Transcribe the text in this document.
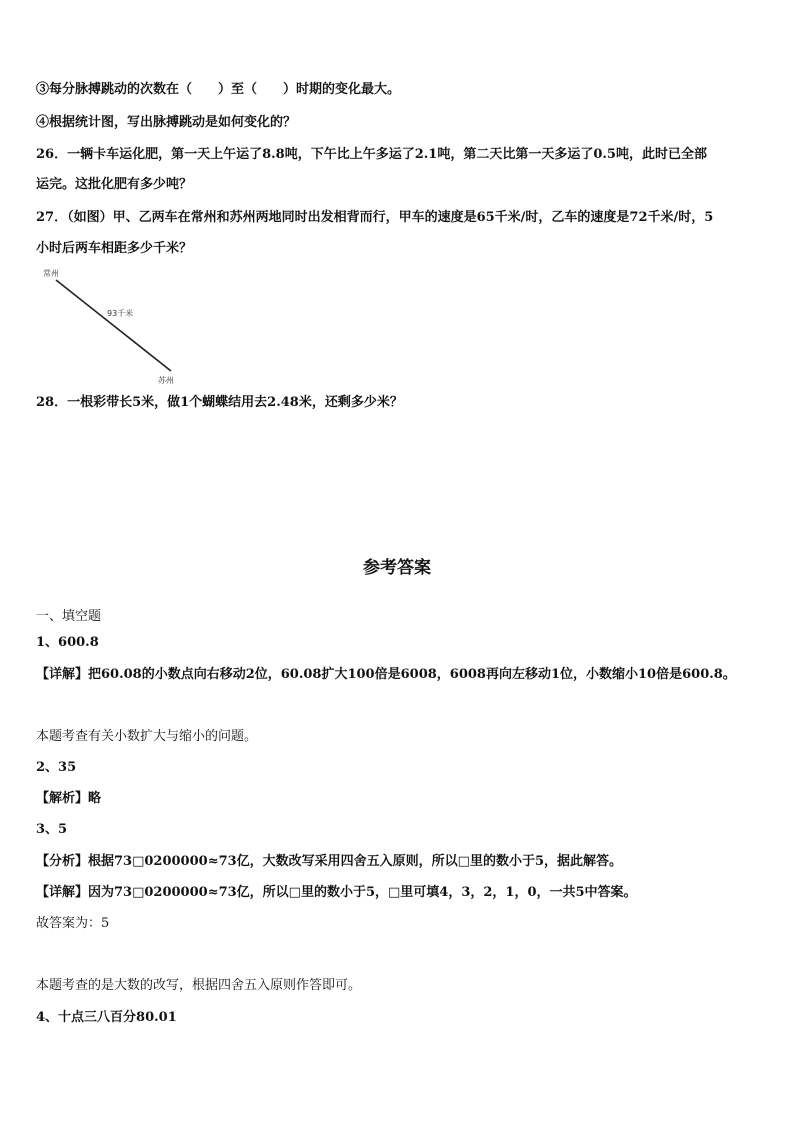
③每分脉搏跳动的次数在（　　）至（　　）时期的变化最大。
④根据统计图，写出脉搏跳动是如何变化的？
26．一辆卡车运化肥，第一天上午运了8.8吨，下午比上午多运了2.1吨，第二天比第一天多运了0.5吨，此时已全部
运完。这批化肥有多少吨？
27．（如图）甲、乙两车在常州和苏州两地同时出发相背而行，甲车的速度是65千米/时，乙车的速度是72千米/时，5
小时后两车相距多少千米？
常州
93千米
苏州
28．一根彩带长5米，做1个蝴蝶结用去2.48米，还剩多少米？
参考答案
一、填空题
1、600.8
【详解】把60.08的小数点向右移动2位，60.08扩大100倍是6008，6008再向左移动1位，小数缩小10倍是600.8。
本题考查有关小数扩大与缩小的问题。
2、35
【解析】略
3、5
【分析】根据73□0200000≈73亿，大数改写采用四舍五入原则，所以□里的数小于5，据此解答。
【详解】因为73□0200000≈73亿，所以□里的数小于5，□里可填4，3，2，1，0，一共5中答案。
故答案为：5
本题考查的是大数的改写，根据四舍五入原则作答即可。
4、十点三八百分80.01
